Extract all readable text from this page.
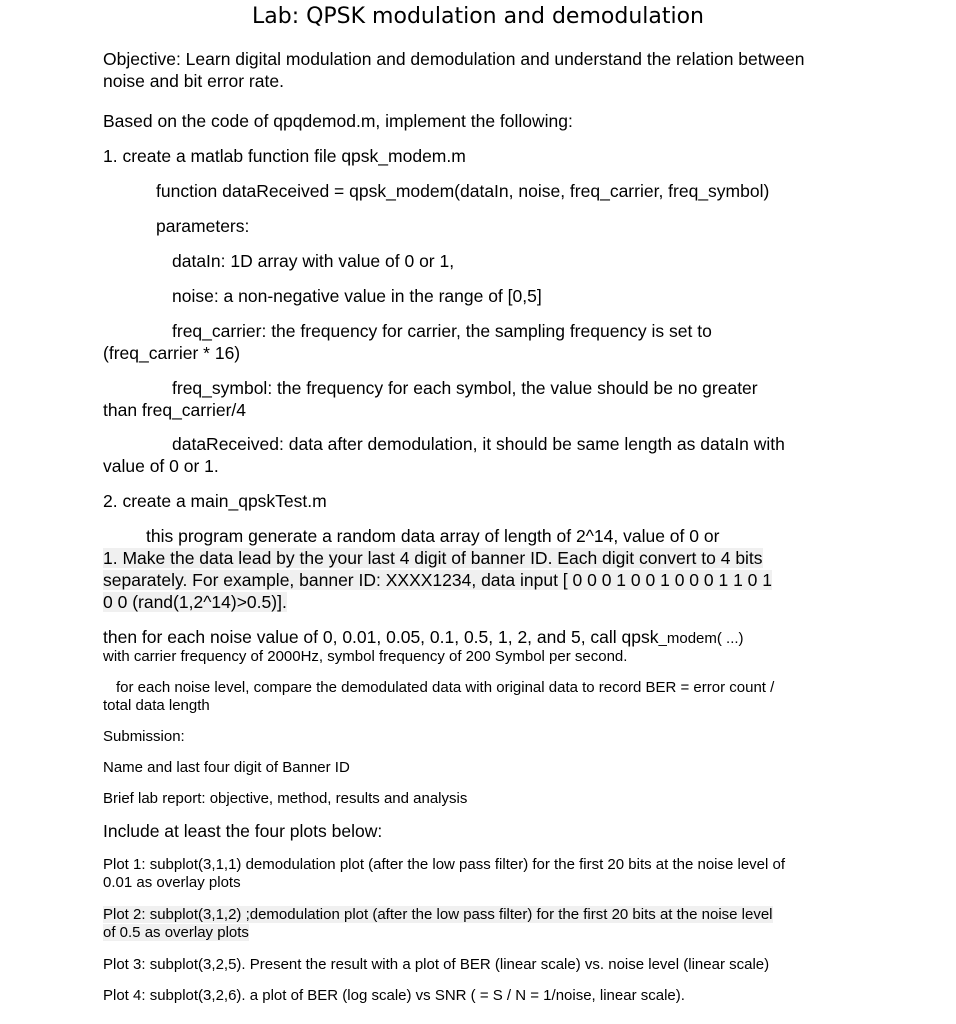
Lab: QPSK modulation and demodulation

Objective: Learn digital modulation and demodulation and understand the relation between noise and bit error rate.

Based on the code of qpqdemod.m, implement the following:

1. create a matlab function file qpsk_modem.m

function dataReceived = qpsk_modem(dataIn, noise, freq_carrier, freq_symbol)

parameters:

dataIn: 1D array with value of 0 or 1,

noise: a non-negative value in the range of [0,5]

freq_carrier: the frequency for carrier, the sampling frequency is set to

(freq_carrier * 16)

freq_symbol: the frequency for each symbol, the value should be no greater

than freq_carrier/4

dataReceived: data after demodulation, it should be same length as dataIn with

value of 0 or 1.

2. create a main_qpskTest.m

this program generate a random data array of length of 2^14, value of 0 or

1. Make the data lead by the your last 4 digit of banner ID. Each digit convert to 4 bits

separately. For example, banner ID: XXXX1234, data input [ 0 0 0 1 0 0 1 0 0 0 1 1 0 1

0 0 (rand(1,2^14)>0.5)].

then for each noise value of 0, 0.01, 0.05, 0.1, 0.5, 1, 2, and 5, call qpsk_modem( ...)

with carrier frequency of 2000Hz, symbol frequency of 200 Symbol per second.

for each noise level, compare the demodulated data with original data to record BER = error count /

total data length

Submission:

Name and last four digit of Banner ID

Brief lab report: objective, method, results and analysis

Include at least the four plots below:

Plot 1: subplot(3,1,1) demodulation plot (after the low pass filter) for the first 20 bits at the noise level of

0.01 as overlay plots

Plot 2: subplot(3,1,2) ;demodulation plot (after the low pass filter) for the first 20 bits at the noise level

of 0.5 as overlay plots

Plot 3: subplot(3,2,5). Present the result with a plot of BER (linear scale) vs. noise level (linear scale)

Plot 4: subplot(3,2,6). a plot of BER (log scale) vs SNR ( = S / N = 1/noise, linear scale).
